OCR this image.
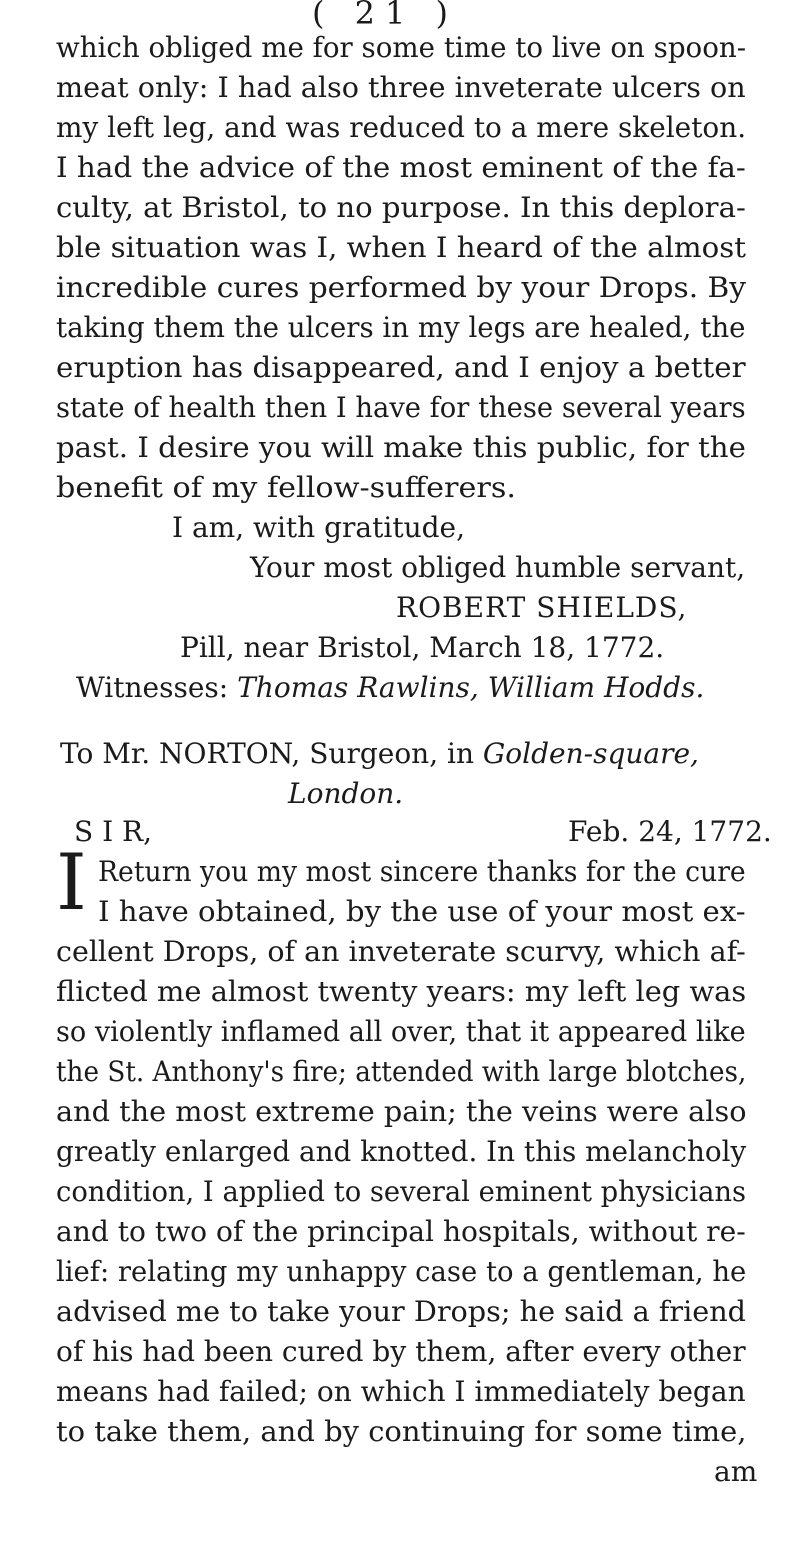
( 21 )
which obliged me for some time to live on spoon-
meat only: I had also three inveterate ulcers on
my left leg, and was reduced to a mere skeleton.
I had the advice of the most eminent of the fa-
culty, at Bristol, to no purpose. In this deplora-
ble situation was I, when I heard of the almost
incredible cures performed by your Drops. By
taking them the ulcers in my legs are healed, the
eruption has disappeared, and I enjoy a better
state of health then I have for these several years
past. I desire you will make this public, for the
benefit of my fellow-sufferers.
I am, with gratitude,
Your most obliged humble servant,
ROBERT SHIELDS,
Pill, near Bristol, March 18, 1772.
Witnesses: Thomas Rawlins, William Hodds.
To Mr. NORTON, Surgeon, in Golden-square,
London.
S I R,	Feb. 24, 1772.
I Return you my most sincere thanks for the cure
I have obtained, by the use of your most ex-
cellent Drops, of an inveterate scurvy, which af-
flicted me almost twenty years: my left leg was
so violently inflamed all over, that it appeared like
the St. Anthony's fire; attended with large blotches,
and the most extreme pain; the veins were also
greatly enlarged and knotted. In this melancholy
condition, I applied to several eminent physicians
and to two of the principal hospitals, without re-
lief: relating my unhappy case to a gentleman, he
advised me to take your Drops; he said a friend
of his had been cured by them, after every other
means had failed; on which I immediately began
to take them, and by continuing for some time,
am
